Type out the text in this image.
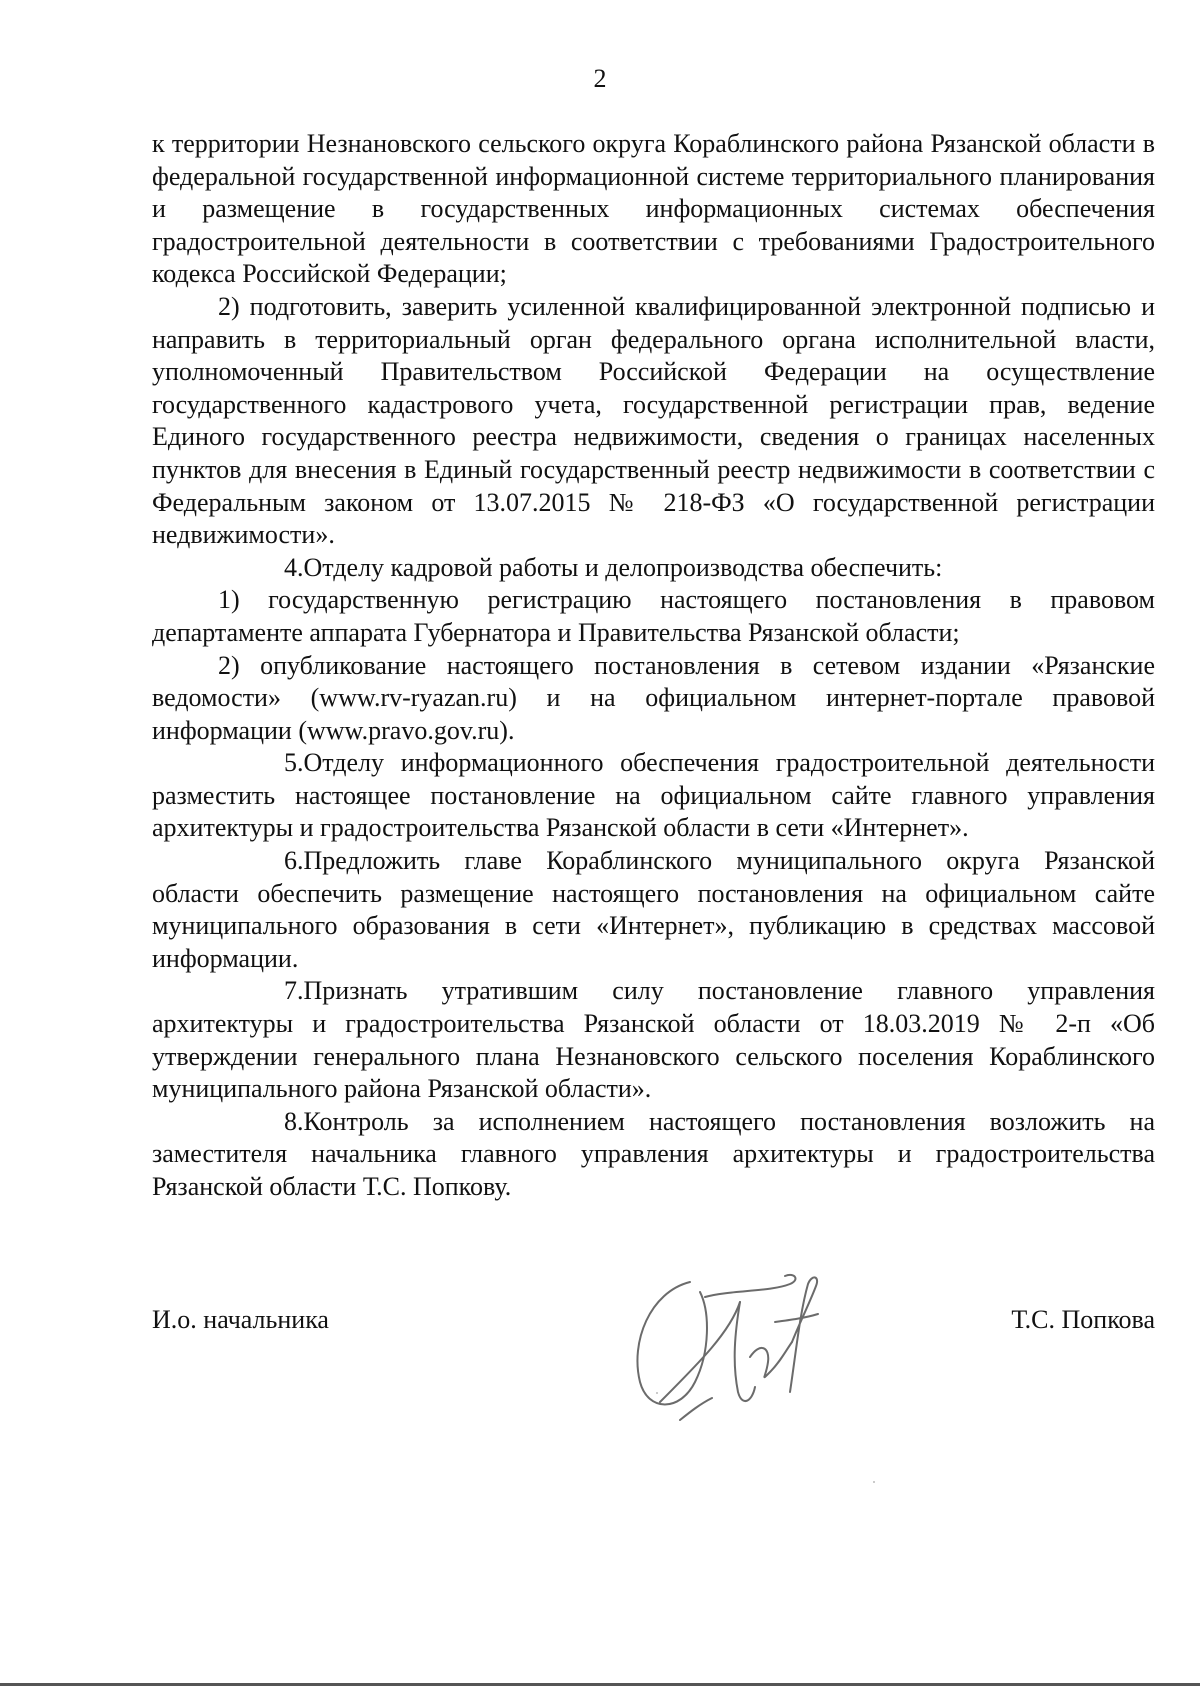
2

к территории Незнановского сельского округа Кораблинского района Рязанской области в федеральной государственной информационной системе территориального планирования и размещение в государственных информационных системах обеспечения градостроительной деятельности в соответствии с требованиями Градостроительного кодекса Российской Федерации;

2) подготовить, заверить усиленной квалифицированной электронной подписью и направить в территориальный орган федерального органа исполнительной власти, уполномоченный Правительством Российской Федерации на осуществление государственного кадастрового учета, государственной регистрации прав, ведение Единого государственного реестра недвижимости, сведения о границах населенных пунктов для внесения в Единый государственный реестр недвижимости в соответствии с Федеральным законом от 13.07.2015 № 218-ФЗ «О государственной регистрации недвижимости».

4.Отделу кадровой работы и делопроизводства обеспечить:

1) государственную регистрацию настоящего постановления в правовом департаменте аппарата Губернатора и Правительства Рязанской области;

2) опубликование настоящего постановления в сетевом издании «Рязанские ведомости» (www.rv-ryazan.ru) и на официальном интернет-портале правовой информации (www.pravo.gov.ru).

5.Отделу информационного обеспечения градостроительной деятельности разместить настоящее постановление на официальном сайте главного управления архитектуры и градостроительства Рязанской области в сети «Интернет».

6.Предложить главе Кораблинского муниципального округа Рязанской области обеспечить размещение настоящего постановления на официальном сайте муниципального образования в сети «Интернет», публикацию в средствах массовой информации.

7.Признать утратившим силу постановление главного управления архитектуры и градостроительства Рязанской области от 18.03.2019 № 2-п «Об утверждении генерального плана Незнановского сельского поселения Кораблинского муниципального района Рязанской области».

8.Контроль за исполнением настоящего постановления возложить на заместителя начальника главного управления архитектуры и градостроительства Рязанской области Т.С. Попкову.

И.о. начальника	Т.С. Попкова
